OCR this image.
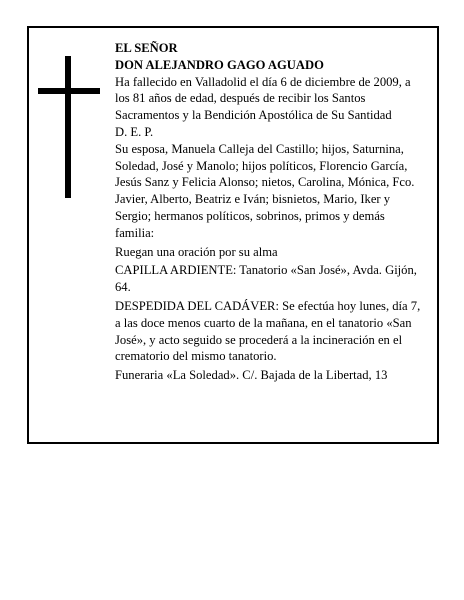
EL SEÑOR

DON ALEJANDRO GAGO AGUADO

Ha fallecido en Valladolid el día 6 de diciembre de 2009, a los 81 años de edad, después de recibir los Santos Sacramentos y la Bendición Apostólica de Su Santidad

D. E. P.

Su esposa, Manuela Calleja del Castillo; hijos, Saturnina, Soledad, José y Manolo; hijos políticos, Florencio García, Jesús Sanz y Felicia Alonso; nietos, Carolina, Mónica, Fco. Javier, Alberto, Beatriz e Iván; bisnietos, Mario, Iker y Sergio; hermanos políticos, sobrinos, primos y demás familia:

Ruegan una oración por su alma

CAPILLA ARDIENTE: Tanatorio «San José», Avda. Gijón, 64.

DESPEDIDA DEL CADÁVER: Se efectúa hoy lunes, día 7, a las doce menos cuarto de la mañana, en el tanatorio «San José», y acto seguido se procederá a la incineración en el crematorio del mismo tanatorio.

Funeraria «La Soledad». C/. Bajada de la Libertad, 13
